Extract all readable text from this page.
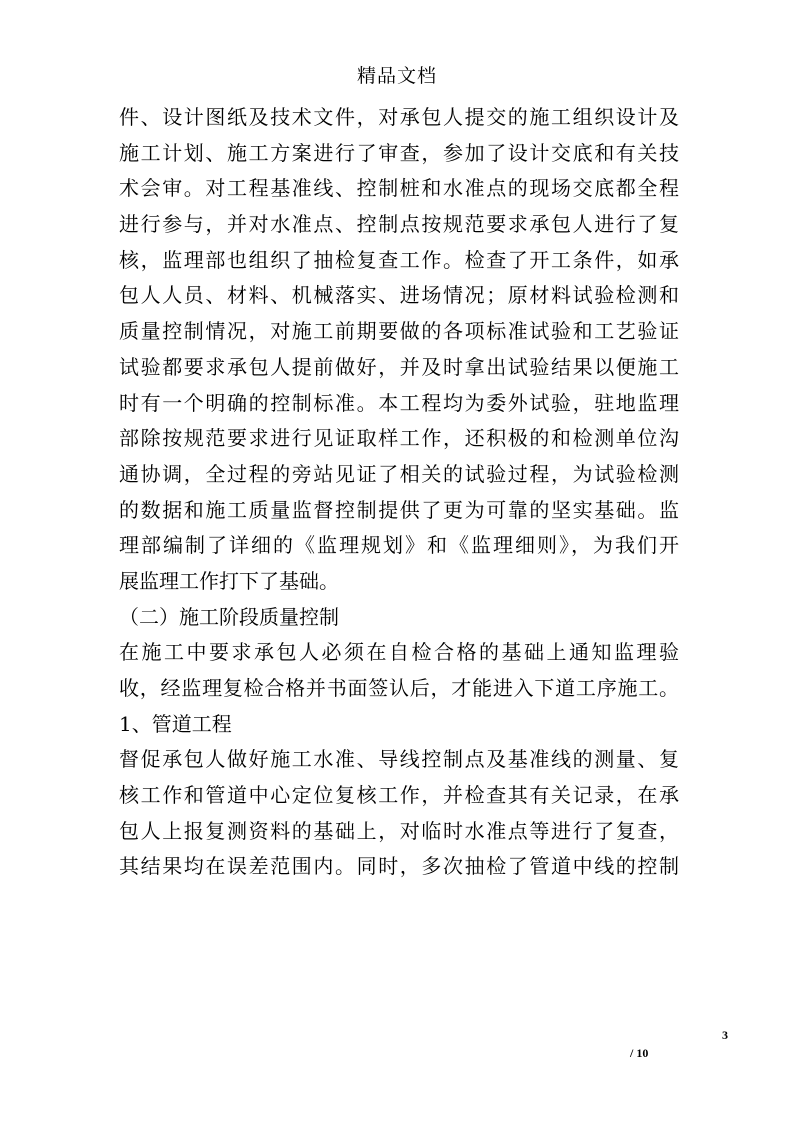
精品文档
件、设计图纸及技术文件，对承包人提交的施工组织设计及
施工计划、施工方案进行了审查，参加了设计交底和有关技
术会审。对工程基准线、控制桩和水准点的现场交底都全程
进行参与，并对水准点、控制点按规范要求承包人进行了复
核，监理部也组织了抽检复查工作。检查了开工条件，如承
包人人员、材料、机械落实、进场情况；原材料试验检测和
质量控制情况，对施工前期要做的各项标准试验和工艺验证
试验都要求承包人提前做好，并及时拿出试验结果以便施工
时有一个明确的控制标准。本工程均为委外试验，驻地监理
部除按规范要求进行见证取样工作，还积极的和检测单位沟
通协调，全过程的旁站见证了相关的试验过程，为试验检测
的数据和施工质量监督控制提供了更为可靠的坚实基础。监
理部编制了详细的《监理规划》和《监理细则》，为我们开
展监理工作打下了基础。
（二）施工阶段质量控制
在施工中要求承包人必须在自检合格的基础上通知监理验
收，经监理复检合格并书面签认后，才能进入下道工序施工。
1、管道工程
督促承包人做好施工水准、导线控制点及基准线的测量、复
核工作和管道中心定位复核工作，并检查其有关记录，在承
包人上报复测资料的基础上，对临时水准点等进行了复查，
其结果均在误差范围内。同时，多次抽检了管道中线的控制
3
/ 10
